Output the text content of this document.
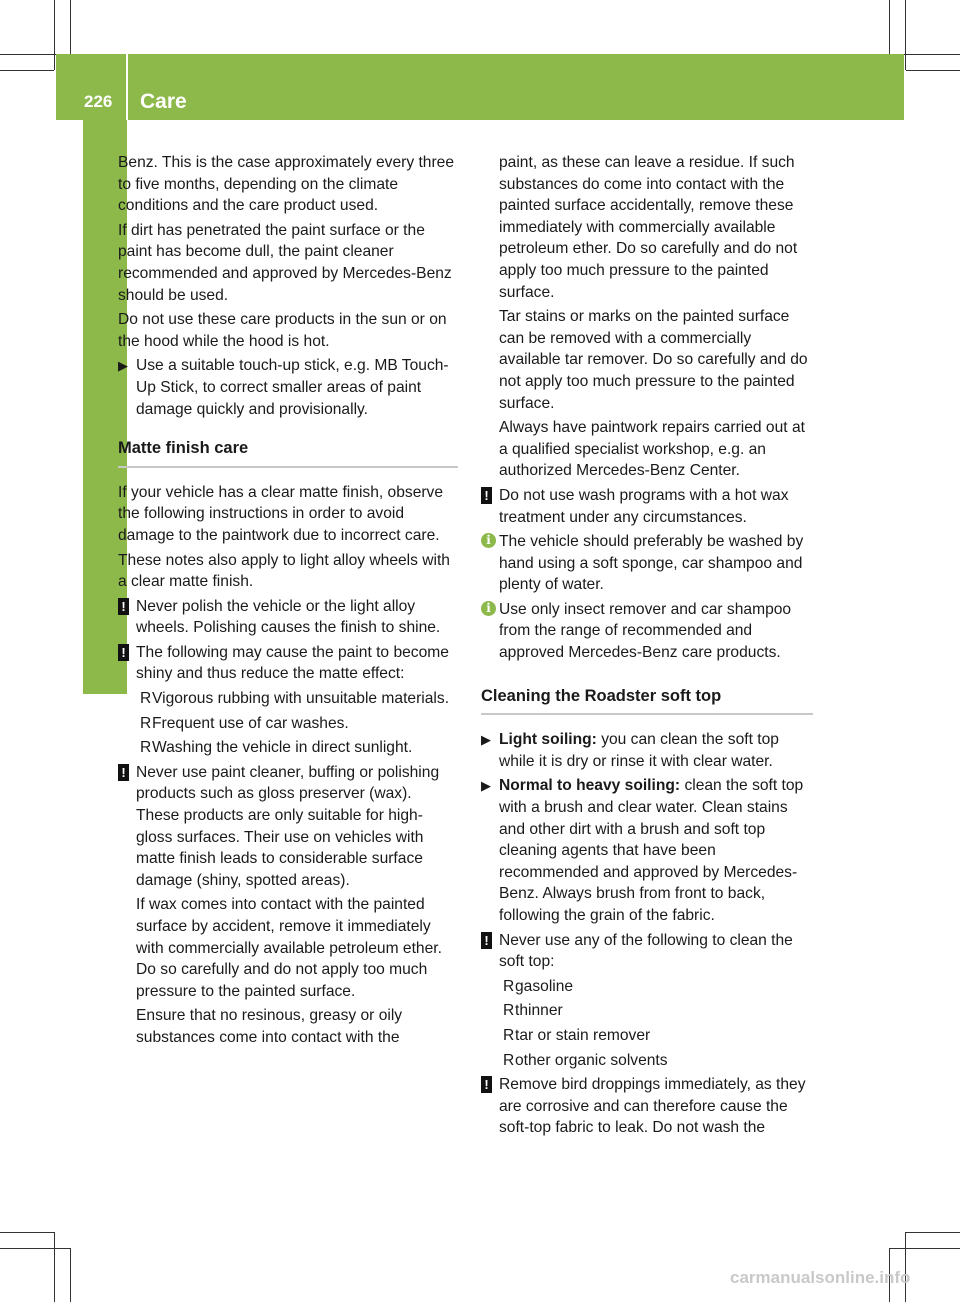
226 Care
Maintenance and care

Benz. This is the case approximately every three to five months, depending on the climate conditions and the care product used.

If dirt has penetrated the paint surface or the paint has become dull, the paint cleaner recommended and approved by Mercedes-Benz should be used.

Do not use these care products in the sun or on the hood while the hood is hot.

▶ Use a suitable touch-up stick, e.g. MB Touch-Up Stick, to correct smaller areas of paint damage quickly and provisionally.
Matte finish care

If your vehicle has a clear matte finish, observe the following instructions in order to avoid damage to the paintwork due to incorrect care.

These notes also apply to light alloy wheels with a clear matte finish.

! Never polish the vehicle or the light alloy wheels. Polishing causes the finish to shine.
! The following may cause the paint to become shiny and thus reduce the matte effect:
R Vigorous rubbing with unsuitable materials.
R Frequent use of car washes.
R Washing the vehicle in direct sunlight.
! Never use paint cleaner, buffing or polishing products such as gloss preserver (wax). These products are only suitable for high-gloss surfaces. Their use on vehicles with matte finish leads to considerable surface damage (shiny, spotted areas).

If wax comes into contact with the painted surface by accident, remove it immediately with commercially available petroleum ether. Do so carefully and do not apply too much pressure to the painted surface.

Ensure that no resinous, greasy or oily substances come into contact with the

paint, as these can leave a residue. If such substances do come into contact with the painted surface accidentally, remove these immediately with commercially available petroleum ether. Do so carefully and do not apply too much pressure to the painted surface.

Tar stains or marks on the painted surface can be removed with a commercially available tar remover. Do so carefully and do not apply too much pressure to the painted surface.

Always have paintwork repairs carried out at a qualified specialist workshop, e.g. an authorized Mercedes-Benz Center.

! Do not use wash programs with a hot wax treatment under any circumstances.
i The vehicle should preferably be washed by hand using a soft sponge, car shampoo and plenty of water.
i Use only insect remover and car shampoo from the range of recommended and approved Mercedes-Benz care products.
Cleaning the Roadster soft top
▶ Light soiling: you can clean the soft top while it is dry or rinse it with clear water.
▶ Normal to heavy soiling: clean the soft top with a brush and clear water. Clean stains and other dirt with a brush and soft top cleaning agents that have been recommended and approved by Mercedes-Benz. Always brush from front to back, following the grain of the fabric.
! Never use any of the following to clean the soft top:
R gasoline
R thinner
R tar or stain remover
R other organic solvents
! Remove bird droppings immediately, as they are corrosive and can therefore cause the soft-top fabric to leak. Do not wash the
carmanualsonline.info
